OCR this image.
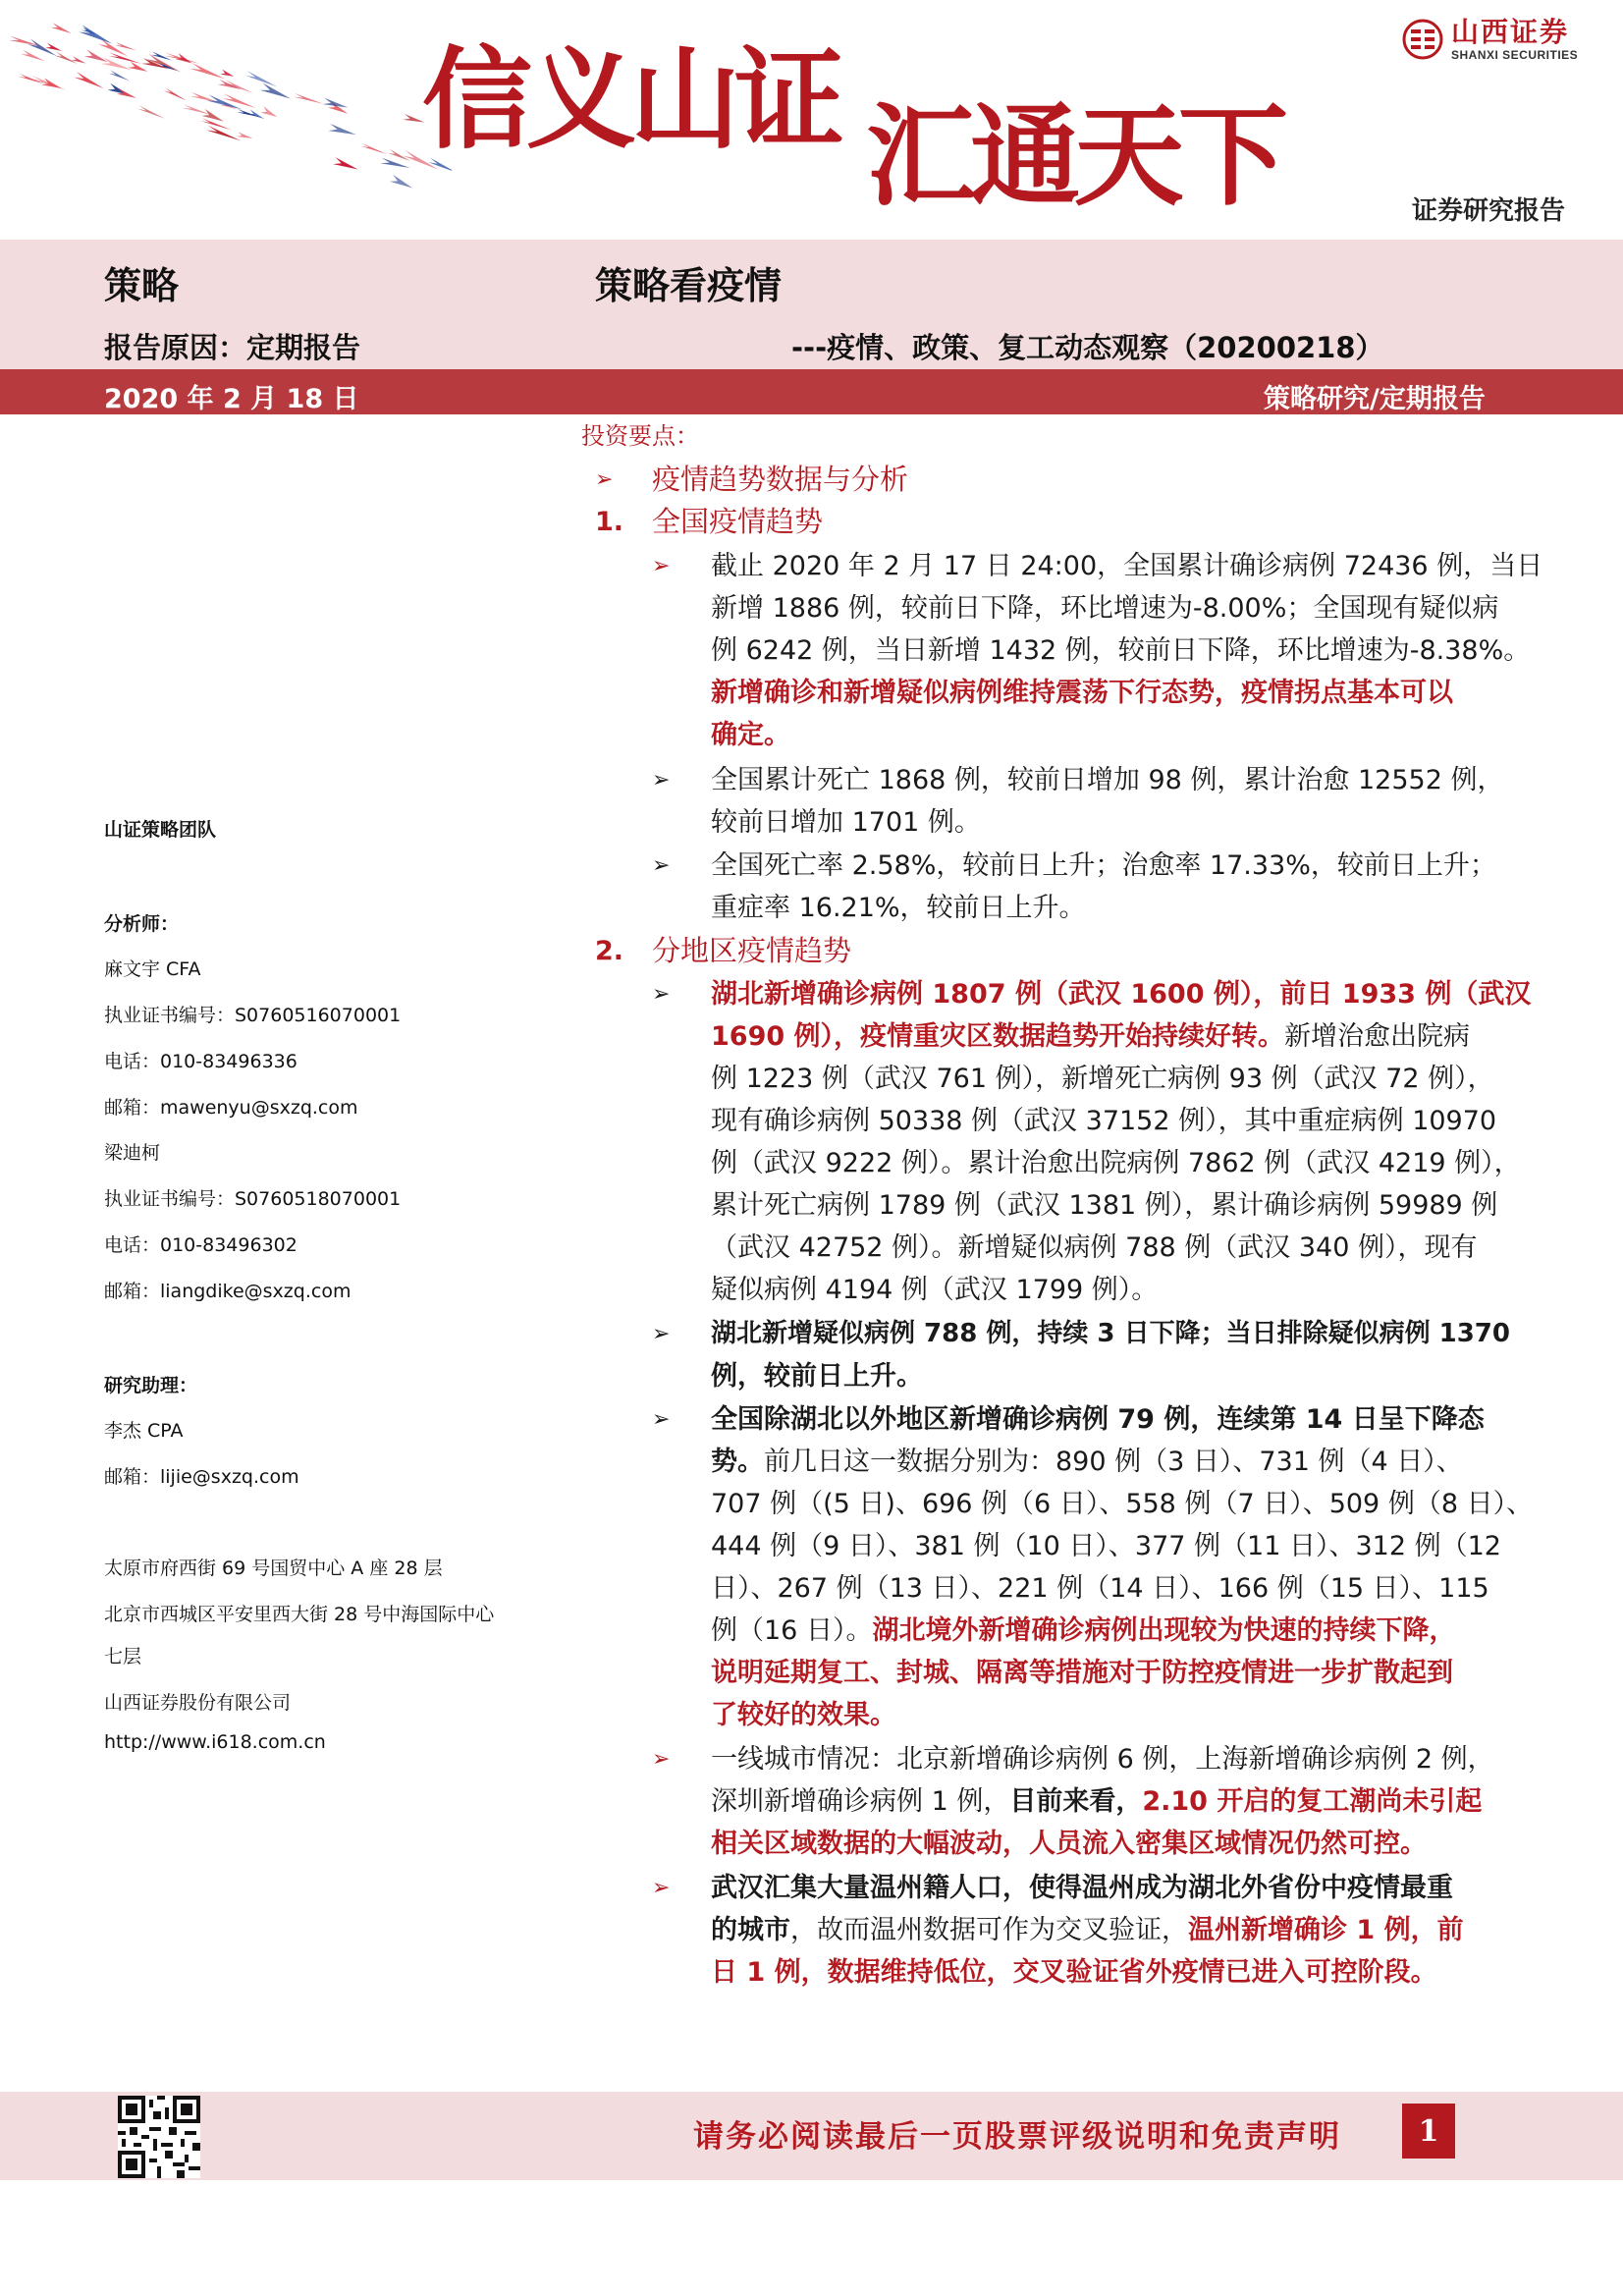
信义山证 汇通天下
山西证券
SHANXI SECURITIES
证券研究报告
策略	策略看疫情
报告原因：定期报告	---疫情、政策、复工动态观察（20200218）
2020 年 2 月 18 日	策略研究/定期报告
山证策略团队
分析师：
麻文宇 CFA
执业证书编号：S0760516070001
电话：010-83496336
邮箱：mawenyu@sxzq.com
梁迪柯
执业证书编号：S0760518070001
电话：010-83496302
邮箱：liangdike@sxzq.com
研究助理：
李杰 CPA
邮箱：lijie@sxzq.com
太原市府西街 69 号国贸中心 A 座 28 层
北京市西城区平安里西大街 28 号中海国际中心
七层
山西证券股份有限公司
http://www.i618.com.cn
投资要点：
➢ 疫情趋势数据与分析
1. 全国疫情趋势
➢ 截止 2020 年 2 月 17 日 24:00，全国累计确诊病例 72436 例，当日
新增 1886 例，较前日下降，环比增速为-8.00%；全国现有疑似病
例 6242 例，当日新增 1432 例，较前日下降，环比增速为-8.38%。
新增确诊和新增疑似病例维持震荡下行态势，疫情拐点基本可以
确定。
➢ 全国累计死亡 1868 例，较前日增加 98 例，累计治愈 12552 例，
较前日增加 1701 例。
➢ 全国死亡率 2.58%，较前日上升；治愈率 17.33%，较前日上升；
重症率 16.21%，较前日上升。
2. 分地区疫情趋势
➢ 湖北新增确诊病例 1807 例（武汉 1600 例），前日 1933 例（武汉
1690 例），疫情重灾区数据趋势开始持续好转。新增治愈出院病
例 1223 例（武汉 761 例），新增死亡病例 93 例（武汉 72 例），
现有确诊病例 50338 例（武汉 37152 例），其中重症病例 10970
例（武汉 9222 例）。累计治愈出院病例 7862 例（武汉 4219 例），
累计死亡病例 1789 例（武汉 1381 例），累计确诊病例 59989 例
（武汉 42752 例）。新增疑似病例 788 例（武汉 340 例），现有
疑似病例 4194 例（武汉 1799 例）。
➢ 湖北新增疑似病例 788 例，持续 3 日下降；当日排除疑似病例 1370
例，较前日上升。
➢ 全国除湖北以外地区新增确诊病例 79 例，连续第 14 日呈下降态
势。前几日这一数据分别为：890 例（3 日）、731 例（4 日）、
707 例（(5 日)、696 例（6 日）、558 例（7 日）、509 例（8 日）、
444 例（9 日）、381 例（10 日）、377 例（11 日）、312 例（12
日）、267 例（13 日）、221 例（14 日）、166 例（15 日）、115
例（16 日）。湖北境外新增确诊病例出现较为快速的持续下降，
说明延期复工、封城、隔离等措施对于防控疫情进一步扩散起到
了较好的效果。
➢ 一线城市情况：北京新增确诊病例 6 例，上海新增确诊病例 2 例，
深圳新增确诊病例 1 例，目前来看，2.10 开启的复工潮尚未引起
相关区域数据的大幅波动，人员流入密集区域情况仍然可控。
➢ 武汉汇集大量温州籍人口，使得温州成为湖北外省份中疫情最重
的城市，故而温州数据可作为交叉验证，温州新增确诊 1 例，前
日 1 例，数据维持低位，交叉验证省外疫情已进入可控阶段。
请务必阅读最后一页股票评级说明和免责声明	1
